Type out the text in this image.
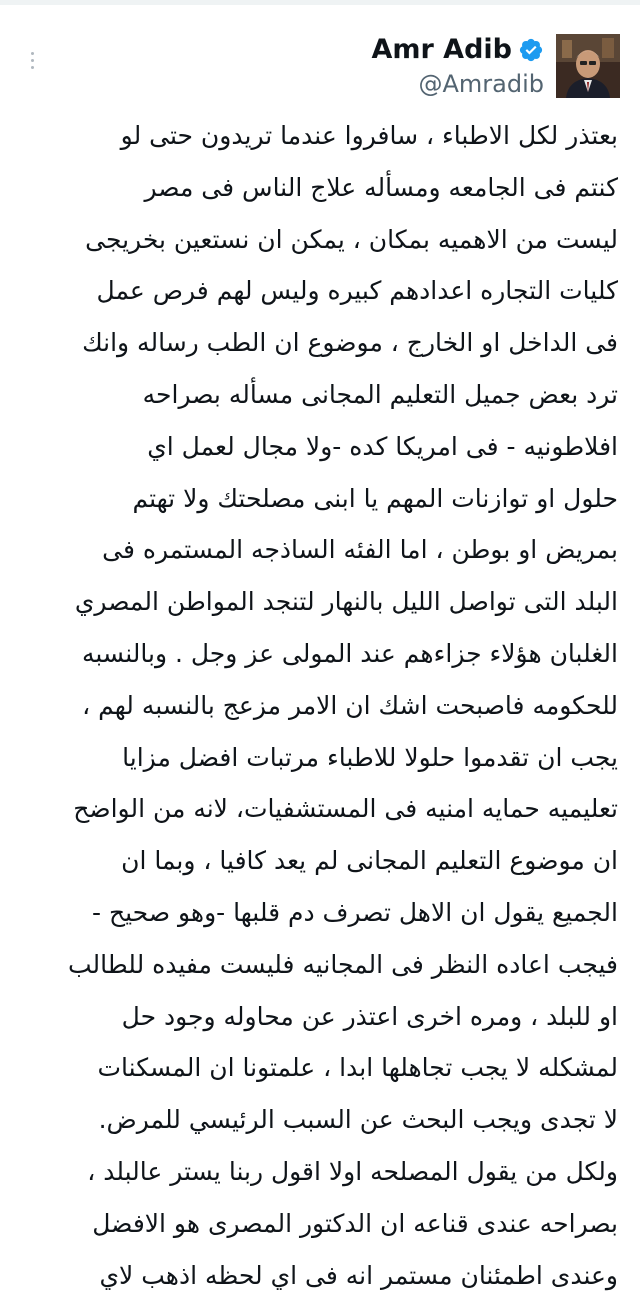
Amr Adib
@Amradib
بعتذر لكل الاطباء ، سافروا عندما تريدون حتى لو
كنتم فى الجامعه ومسأله علاج الناس فى مصر
ليست من الاهميه بمكان ، يمكن ان نستعين بخريجى
كليات التجاره اعدادهم كبيره وليس لهم فرص عمل
فى الداخل او الخارج ، موضوع ان الطب رساله وانك
ترد بعض جميل التعليم المجانى مسأله بصراحه
افلاطونيه - فى امريكا كده -ولا مجال لعمل اي
حلول او توازنات المهم يا ابنى مصلحتك ولا تهتم
بمريض او بوطن ، اما الفئه الساذجه المستمره فى
البلد التى تواصل الليل بالنهار لتنجد المواطن المصري
الغلبان هؤلاء جزاءهم عند المولى عز وجل . وبالنسبه
للحكومه فاصبحت اشك ان الامر مزعج بالنسبه لهم ،
يجب ان تقدموا حلولا للاطباء مرتبات افضل مزايا
تعليميه حمايه امنيه فى المستشفيات، لانه من الواضح
ان موضوع التعليم المجانى لم يعد كافيا ، وبما ان
الجميع يقول ان الاهل تصرف دم قلبها -وهو صحيح -
فيجب اعاده النظر فى المجانيه فليست مفيده للطالب
او للبلد ، ومره اخرى اعتذر عن محاوله وجود حل
لمشكله لا يجب تجاهلها ابدا ، علمتونا ان المسكنات
لا تجدى ويجب البحث عن السبب الرئيسي للمرض.
ولكل من يقول المصلحه اولا اقول ربنا يستر عالبلد ،
بصراحه عندى قناعه ان الدكتور المصرى هو الافضل
وعندى اطمئنان مستمر انه فى اي لحظه اذهب لاي
